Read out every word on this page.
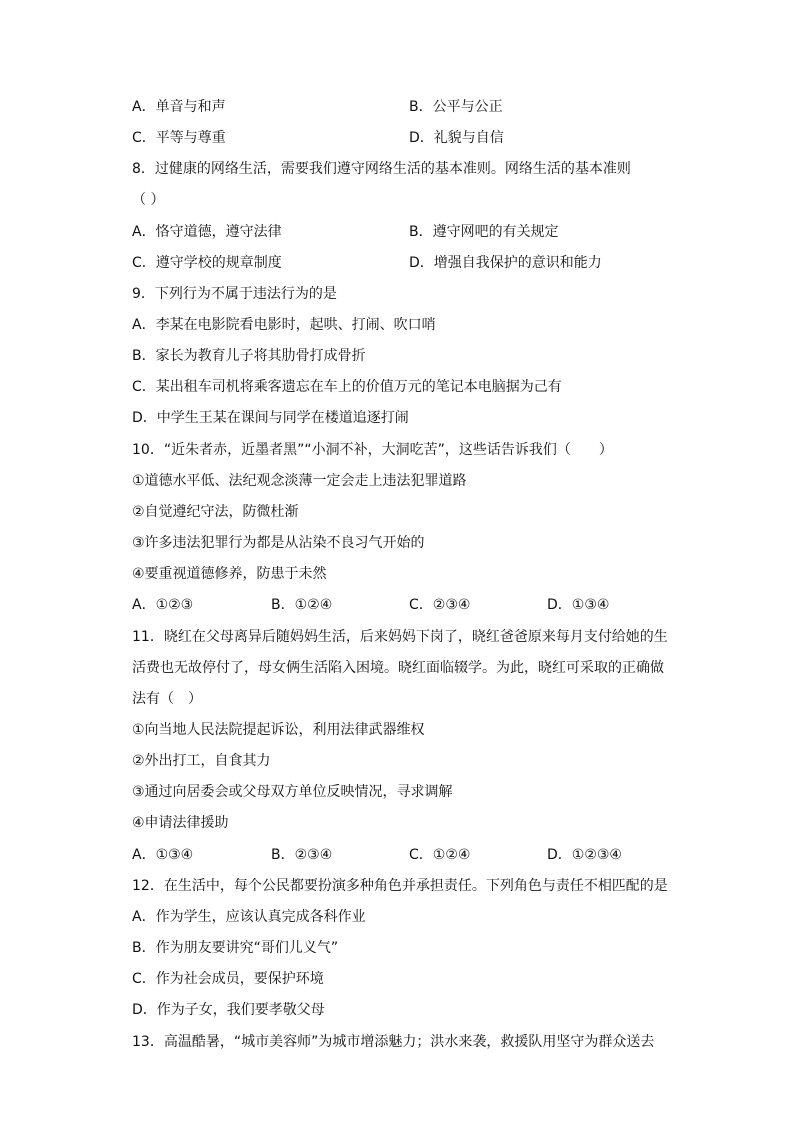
A．单音与和声	B．公平与公正
C．平等与尊重	D．礼貌与自信
8．过健康的网络生活，需要我们遵守网络生活的基本准则。网络生活的基本准则
（ ）
A．恪守道德，遵守法律	B．遵守网吧的有关规定
C．遵守学校的规章制度	D．增强自我保护的意识和能力
9．下列行为不属于违法行为的是
A．李某在电影院看电影时，起哄、打闹、吹口哨
B．家长为教育儿子将其肋骨打成骨折
C．某出租车司机将乘客遗忘在车上的价值万元的笔记本电脑据为己有
D．中学生王某在课间与同学在楼道追逐打闹
10．“近朱者赤，近墨者黑”“小洞不补，大洞吃苦”，这些话告诉我们（　　）
①道德水平低、法纪观念淡薄一定会走上违法犯罪道路
②自觉遵纪守法，防微杜渐
③许多违法犯罪行为都是从沾染不良习气开始的
④要重视道德修养，防患于未然
A．①②③	B．①②④	C．②③④	D．①③④
11．晓红在父母离异后随妈妈生活，后来妈妈下岗了，晓红爸爸原来每月支付给她的生
活费也无故停付了，母女俩生活陷入困境。晓红面临辍学。为此，晓红可采取的正确做
法有（　）
①向当地人民法院提起诉讼，利用法律武器维权
②外出打工，自食其力
③通过向居委会或父母双方单位反映情况，寻求调解
④申请法律援助
A．①③④	B．②③④	C．①②④	D．①②③④
12．在生活中，每个公民都要扮演多种角色并承担责任。下列角色与责任不相匹配的是
A．作为学生，应该认真完成各科作业
B．作为朋友要讲究“哥们儿义气”
C．作为社会成员，要保护环境
D．作为子女，我们要孝敬父母
13．高温酷暑，“城市美容师”为城市增添魅力；洪水来袭，救援队用坚守为群众送去
